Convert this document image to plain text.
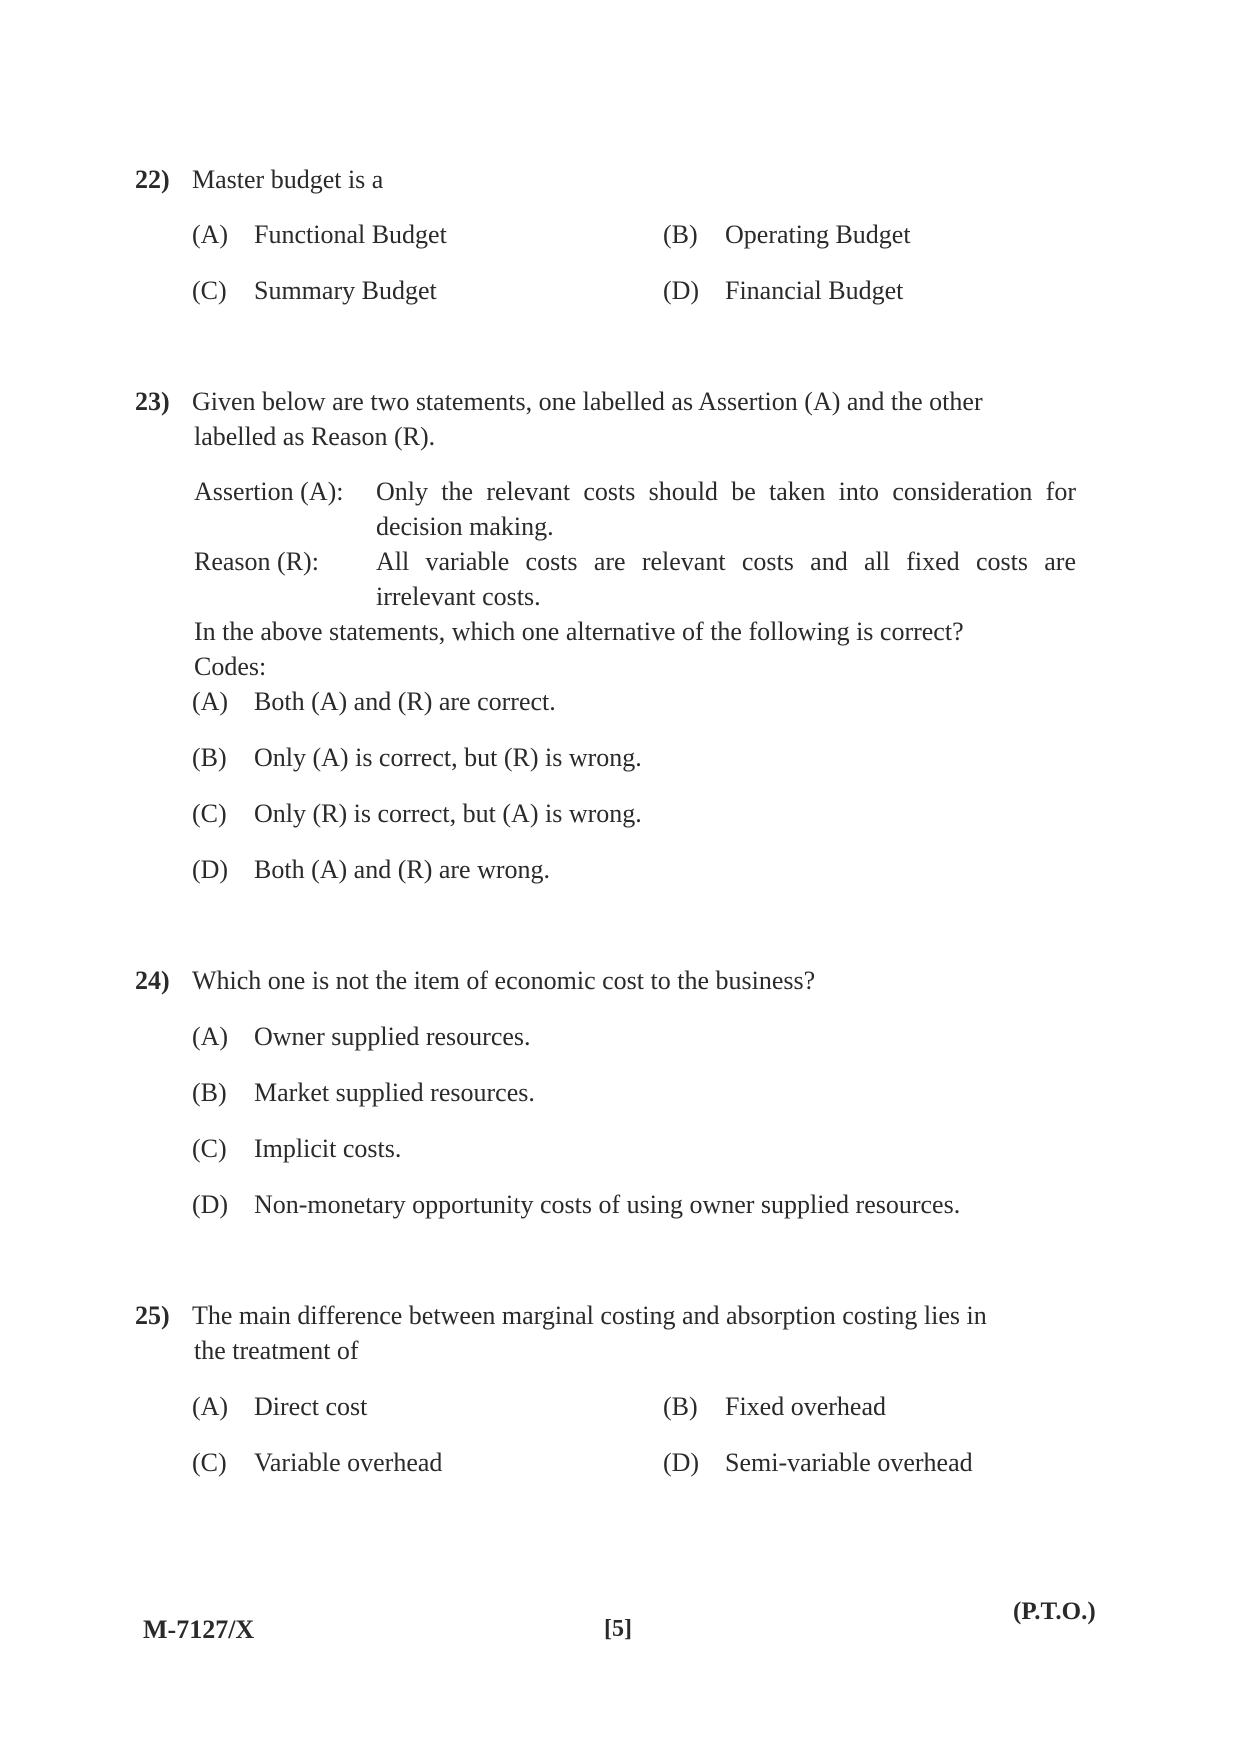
22) Master budget is a
(A) Functional Budget	(B) Operating Budget
(C) Summary Budget	(D) Financial Budget
23) Given below are two statements, one labelled as Assertion (A) and the other
labelled as Reason (R).
Assertion (A): Only the relevant costs should be taken into consideration for decision making.
Reason (R): All variable costs are relevant costs and all fixed costs are irrelevant costs.
In the above statements, which one alternative of the following is correct?
Codes:
(A) Both (A) and (R) are correct.
(B) Only (A) is correct, but (R) is wrong.
(C) Only (R) is correct, but (A) is wrong.
(D) Both (A) and (R) are wrong.
24) Which one is not the item of economic cost to the business?
(A) Owner supplied resources.
(B) Market supplied resources.
(C) Implicit costs.
(D) Non-monetary opportunity costs of using owner supplied resources.
25) The main difference between marginal costing and absorption costing lies in
the treatment of
(A) Direct cost	(B) Fixed overhead
(C) Variable overhead	(D) Semi-variable overhead
M-7127/X	[5]
(P.T.O.)
